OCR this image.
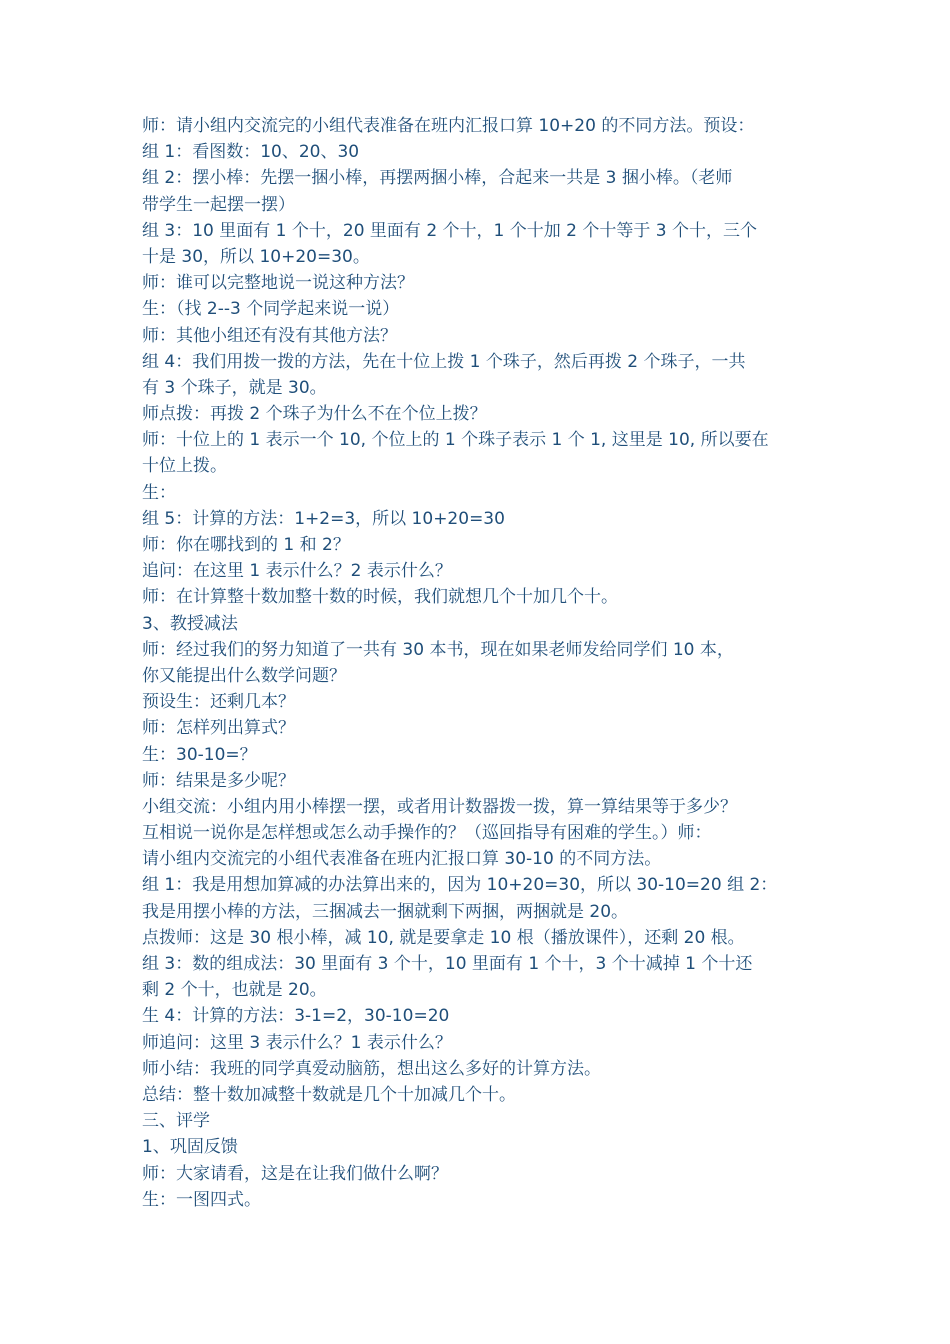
师：请小组内交流完的小组代表准备在班内汇报口算 10+20 的不同方法。预设：
组 1：看图数：10、20、30
组 2：摆小棒：先摆一捆小棒，再摆两捆小棒，合起来一共是 3 捆小棒。（老师
带学生一起摆一摆）
组 3：10 里面有 1 个十，20 里面有 2 个十，1 个十加 2 个十等于 3 个十，三个
十是 30，所以 10+20=30。
师：谁可以完整地说一说这种方法？
生：（找 2--3 个同学起来说一说）
师：其他小组还有没有其他方法？
组 4：我们用拨一拨的方法，先在十位上拨 1 个珠子，然后再拨 2 个珠子，一共
有 3 个珠子，就是 30。
师点拨：再拨 2 个珠子为什么不在个位上拨？
师：十位上的 1 表示一个 10, 个位上的 1 个珠子表示 1 个 1, 这里是 10, 所以要在
十位上拨。
生：
组 5：计算的方法：1+2=3，所以 10+20=30
师：你在哪找到的 1 和 2？
追问：在这里 1 表示什么？2 表示什么？
师：在计算整十数加整十数的时候，我们就想几个十加几个十。
3、教授减法
师：经过我们的努力知道了一共有 30 本书，现在如果老师发给同学们 10 本，
你又能提出什么数学问题？
预设生：还剩几本？
师：怎样列出算式？
生：30-10=？
师：结果是多少呢？
小组交流：小组内用小棒摆一摆，或者用计数器拨一拨，算一算结果等于多少？
互相说一说你是怎样想或怎么动手操作的？（巡回指导有困难的学生。）师：
请小组内交流完的小组代表准备在班内汇报口算 30-10 的不同方法。
组 1：我是用想加算减的办法算出来的，因为 10+20=30，所以 30-10=20 组 2：
我是用摆小棒的方法，三捆减去一捆就剩下两捆，两捆就是 20。
点拨师：这是 30 根小棒，减 10, 就是要拿走 10 根（播放课件），还剩 20 根。
组 3：数的组成法：30 里面有 3 个十，10 里面有 1 个十，3 个十减掉 1 个十还
剩 2 个十，也就是 20。
生 4：计算的方法：3-1=2，30-10=20
师追问：这里 3 表示什么？1 表示什么？
师小结：我班的同学真爱动脑筋，想出这么多好的计算方法。
总结：整十数加减整十数就是几个十加减几个十。
三、评学
1、巩固反馈
师：大家请看，这是在让我们做什么啊？
生：一图四式。
